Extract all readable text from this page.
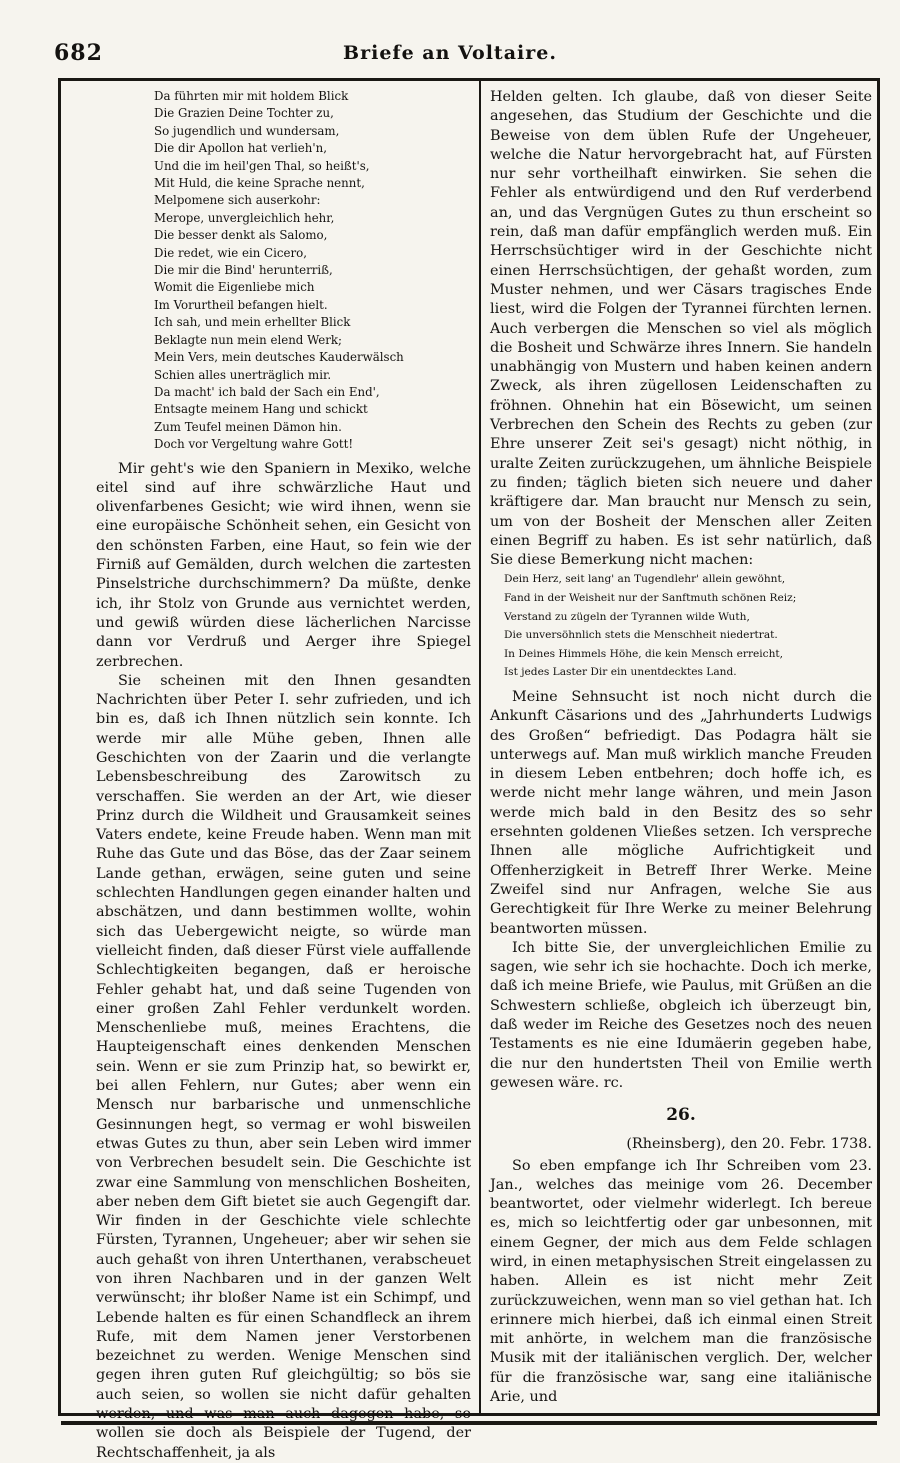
682	Briefe an Voltaire.
Da führten mir mit holdem Blick
Die Grazien Deine Tochter zu,
So jugendlich und wundersam,
Die dir Apollon hat verlieh'n,
Und die im heil'gen Thal, so heißt's,
Mit Huld, die keine Sprache nennt,
Melpomene sich auserkohr:
Merope, unvergleichlich hehr,
Die besser denkt als Salomo,
Die redet, wie ein Cicero,
Die mir die Bind' herunterriß,
Womit die Eigenliebe mich
Im Vorurtheil befangen hielt.
Ich sah, und mein erhellter Blick
Beklagte nun mein elend Werk;
Mein Vers, mein deutsches Kauderwälsch
Schien alles unerträglich mir.
Da macht' ich bald der Sach ein End',
Entsagte meinem Hang und schickt
Zum Teufel meinen Dämon hin.
Doch vor Vergeltung wahre Gott!

Mir geht's wie den Spaniern in Mexiko, welche eitel sind auf ihre schwärzliche Haut und olivenfarbenes Gesicht; wie wird ihnen, wenn sie eine europäische Schönheit sehen, ein Gesicht von den schönsten Farben, eine Haut, so fein wie der Firniß auf Gemälden, durch welchen die zartesten Pinselstriche durchschimmern? Da müßte, denke ich, ihr Stolz von Grunde aus vernichtet werden, und gewiß würden diese lächerlichen Narcisse dann vor Verdruß und Aerger ihre Spiegel zerbrechen.

Sie scheinen mit den Ihnen gesandten Nachrichten über Peter I. sehr zufrieden, und ich bin es, daß ich Ihnen nützlich sein konnte. Ich werde mir alle Mühe geben, Ihnen alle Geschichten von der Zaarin und die verlangte Lebensbeschreibung des Zarowitsch zu verschaffen. Sie werden an der Art, wie dieser Prinz durch die Wildheit und Grausamkeit seines Vaters endete, keine Freude haben. Wenn man mit Ruhe das Gute und das Böse, das der Zaar seinem Lande gethan, erwägen, seine guten und seine schlechten Handlungen gegen einander halten und abschätzen, und dann bestimmen wollte, wohin sich das Uebergewicht neigte, so würde man vielleicht finden, daß dieser Fürst viele auffallende Schlechtigkeiten begangen, daß er heroische Fehler gehabt hat, und daß seine Tugenden von einer großen Zahl Fehler verdunkelt worden. Menschenliebe muß, meines Erachtens, die Haupteigenschaft eines denkenden Menschen sein. Wenn er sie zum Prinzip hat, so bewirkt er, bei allen Fehlern, nur Gutes; aber wenn ein Mensch nur barbarische und unmenschliche Gesinnungen hegt, so vermag er wohl bisweilen etwas Gutes zu thun, aber sein Leben wird immer von Verbrechen besudelt sein. Die Geschichte ist zwar eine Sammlung von menschlichen Bosheiten, aber neben dem Gift bietet sie auch Gegengift dar. Wir finden in der Geschichte viele schlechte Fürsten, Tyrannen, Ungeheuer; aber wir sehen sie auch gehaßt von ihren Unterthanen, verabscheuet von ihren Nachbaren und in der ganzen Welt verwünscht; ihr bloßer Name ist ein Schimpf, und Lebende halten es für einen Schandfleck an ihrem Rufe, mit dem Namen jener Verstorbenen bezeichnet zu werden. Wenige Menschen sind gegen ihren guten Ruf gleichgültig; so bös sie auch seien, so wollen sie nicht dafür gehalten werden, und was man auch dagegen habe, so wollen sie doch als Beispiele der Tugend, der Rechtschaffenheit, ja als

Helden gelten. Ich glaube, daß von dieser Seite angesehen, das Studium der Geschichte und die Beweise von dem üblen Rufe der Ungeheuer, welche die Natur hervorgebracht hat, auf Fürsten nur sehr vortheilhaft einwirken. Sie sehen die Fehler als entwürdigend und den Ruf verderbend an, und das Vergnügen Gutes zu thun erscheint so rein, daß man dafür empfänglich werden muß. Ein Herrschsüchtiger wird in der Geschichte nicht einen Herrschsüchtigen, der gehaßt worden, zum Muster nehmen, und wer Cäsars tragisches Ende liest, wird die Folgen der Tyrannei fürchten lernen. Auch verbergen die Menschen so viel als möglich die Bosheit und Schwärze ihres Innern. Sie handeln unabhängig von Mustern und haben keinen andern Zweck, als ihren zügellosen Leidenschaften zu fröhnen. Ohnehin hat ein Bösewicht, um seinen Verbrechen den Schein des Rechts zu geben (zur Ehre unserer Zeit sei's gesagt) nicht nöthig, in uralte Zeiten zurückzugehen, um ähnliche Beispiele zu finden; täglich bieten sich neuere und daher kräftigere dar. Man braucht nur Mensch zu sein, um von der Bosheit der Menschen aller Zeiten einen Begriff zu haben. Es ist sehr natürlich, daß Sie diese Bemerkung nicht machen:

Dein Herz, seit lang' an Tugendlehr' allein gewöhnt,
Fand in der Weisheit nur der Sanftmuth schönen Reiz;
Verstand zu zügeln der Tyrannen wilde Wuth,
Die unversöhnlich stets die Menschheit niedertrat.
In Deines Himmels Höhe, die kein Mensch erreicht,
Ist jedes Laster Dir ein unentdecktes Land.

Meine Sehnsucht ist noch nicht durch die Ankunft Cäsarions und des „Jahrhunderts Ludwigs des Großen“ befriedigt. Das Podagra hält sie unterwegs auf. Man muß wirklich manche Freuden in diesem Leben entbehren; doch hoffe ich, es werde nicht mehr lange währen, und mein Jason werde mich bald in den Besitz des so sehr ersehnten goldenen Vließes setzen. Ich verspreche Ihnen alle mögliche Aufrichtigkeit und Offenherzigkeit in Betreff Ihrer Werke. Meine Zweifel sind nur Anfragen, welche Sie aus Gerechtigkeit für Ihre Werke zu meiner Belehrung beantworten müssen.

Ich bitte Sie, der unvergleichlichen Emilie zu sagen, wie sehr ich sie hochachte. Doch ich merke, daß ich meine Briefe, wie Paulus, mit Grüßen an die Schwestern schließe, obgleich ich überzeugt bin, daß weder im Reiche des Gesetzes noch des neuen Testaments es nie eine Idumäerin gegeben habe, die nur den hundertsten Theil von Emilie werth gewesen wäre. rc.

26.
(Rheinsberg), den 20. Febr. 1738.

So eben empfange ich Ihr Schreiben vom 23. Jan., welches das meinige vom 26. December beantwortet, oder vielmehr widerlegt. Ich bereue es, mich so leichtfertig oder gar unbesonnen, mit einem Gegner, der mich aus dem Felde schlagen wird, in einen metaphysischen Streit eingelassen zu haben. Allein es ist nicht mehr Zeit zurückzuweichen, wenn man so viel gethan hat. Ich erinnere mich hierbei, daß ich einmal einen Streit mit anhörte, in welchem man die französische Musik mit der italiänischen verglich. Der, welcher für die französische war, sang eine italiänische Arie, und
